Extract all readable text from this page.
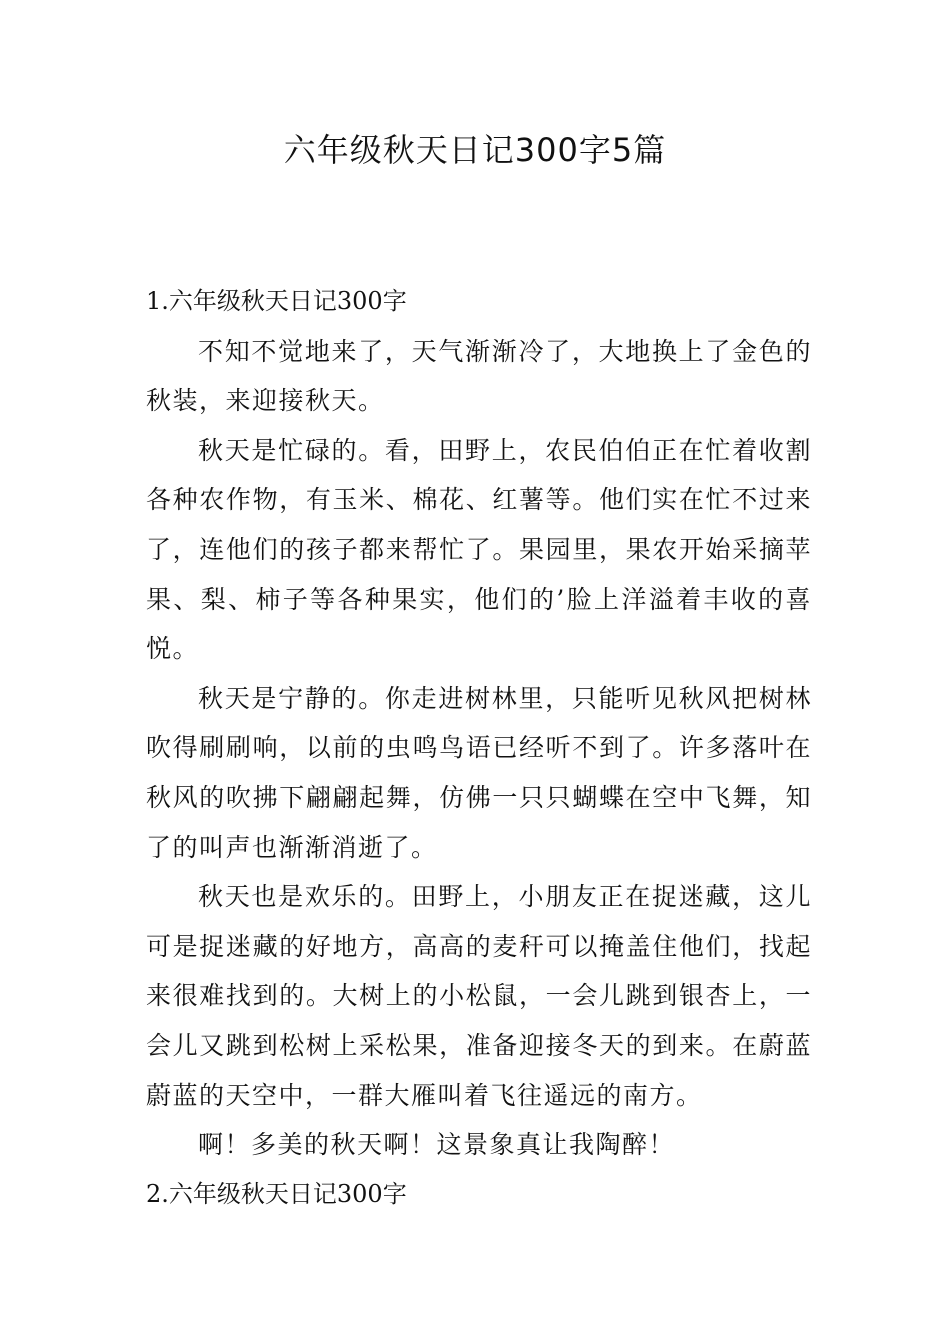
六年级秋天日记300字5篇
1.六年级秋天日记300字

不知不觉地来了，天气渐渐冷了，大地换上了金色的秋装，来迎接秋天。

秋天是忙碌的。看，田野上，农民伯伯正在忙着收割各种农作物，有玉米、棉花、红薯等。他们实在忙不过来了，连他们的孩子都来帮忙了。果园里，果农开始采摘苹果、梨、柿子等各种果实，他们的’脸上洋溢着丰收的喜悦。

秋天是宁静的。你走进树林里，只能听见秋风把树林吹得刷刷响，以前的虫鸣鸟语已经听不到了。许多落叶在秋风的吹拂下翩翩起舞，仿佛一只只蝴蝶在空中飞舞，知了的叫声也渐渐消逝了。

秋天也是欢乐的。田野上，小朋友正在捉迷藏，这儿可是捉迷藏的好地方，高高的麦秆可以掩盖住他们，找起来很难找到的。大树上的小松鼠，一会儿跳到银杏上，一会儿又跳到松树上采松果，准备迎接冬天的到来。在蔚蓝蔚蓝的天空中，一群大雁叫着飞往遥远的南方。

啊！多美的秋天啊！这景象真让我陶醉！

2.六年级秋天日记300字
